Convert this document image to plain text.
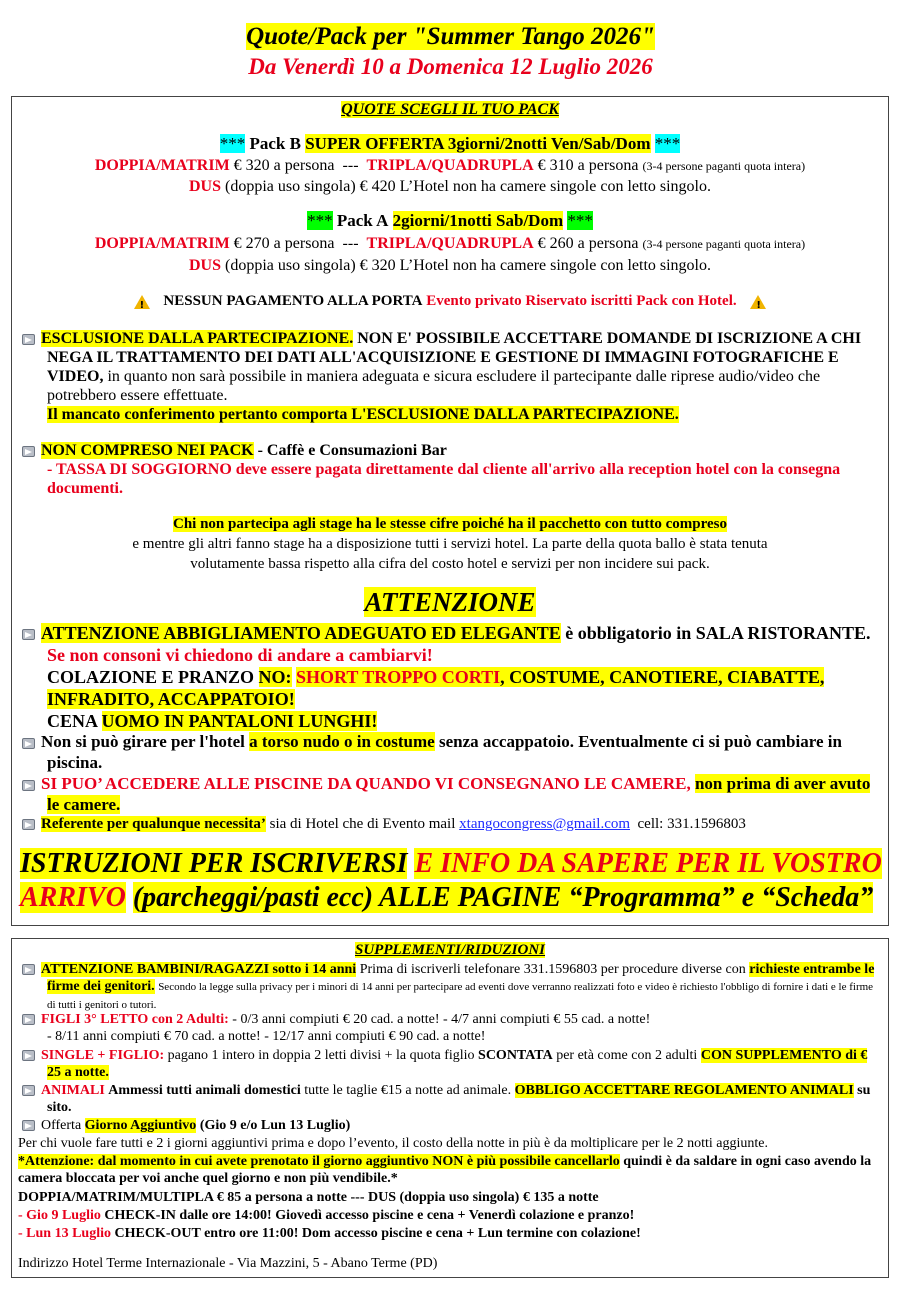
Quote/Pack per "Summer Tango 2026"
Da Venerdì 10 a Domenica 12 Luglio 2026
QUOTE SCEGLI IL TUO PACK
*** Pack B SUPER OFFERTA 3giorni/2notti Ven/Sab/Dom ***
DOPPIA/MATRIM € 320 a persona --- TRIPLA/QUADRUPLA € 310 a persona (3-4 persone paganti quota intera)
DUS (doppia uso singola) € 420 L’Hotel non ha camere singole con letto singolo.
*** Pack A 2giorni/1notti Sab/Dom ***
DOPPIA/MATRIM € 270 a persona --- TRIPLA/QUADRUPLA € 260 a persona (3-4 persone paganti quota intera)
DUS (doppia uso singola) € 320 L’Hotel non ha camere singole con letto singolo.
! NESSUN PAGAMENTO ALLA PORTA Evento privato Riservato iscritti Pack con Hotel. !
ESCLUSIONE DALLA PARTECIPAZIONE. NON E' POSSIBILE ACCETTARE DOMANDE DI ISCRIZIONE A CHI NEGA IL TRATTAMENTO DEI DATI ALL'ACQUISIZIONE E GESTIONE DI IMMAGINI FOTOGRAFICHE E VIDEO, in quanto non sarà possibile in maniera adeguata e sicura escludere il partecipante dalle riprese audio/video che potrebbero essere effettuate.
Il mancato conferimento pertanto comporta L'ESCLUSIONE DALLA PARTECIPAZIONE.
NON COMPRESO NEI PACK - Caffè e Consumazioni Bar
- TASSA DI SOGGIORNO deve essere pagata direttamente dal cliente all'arrivo alla reception hotel con la consegna documenti.
Chi non partecipa agli stage ha le stesse cifre poiché ha il pacchetto con tutto compreso
e mentre gli altri fanno stage ha a disposizione tutti i servizi hotel. La parte della quota ballo è stata tenuta
volutamente bassa rispetto alla cifra del costo hotel e servizi per non incidere sui pack.
ATTENZIONE
ATTENZIONE ABBIGLIAMENTO ADEGUATO ED ELEGANTE è obbligatorio in SALA RISTORANTE. Se non consoni vi chiedono di andare a cambiarvi!
COLAZIONE E PRANZO NO: SHORT TROPPO CORTI, COSTUME, CANOTIERE, CIABATTE, INFRADITO, ACCAPPATOIO!
CENA UOMO IN PANTALONI LUNGHI!
Non si può girare per l'hotel a torso nudo o in costume senza accappatoio. Eventualmente ci si può cambiare in piscina.
SI PUO’ ACCEDERE ALLE PISCINE DA QUANDO VI CONSEGNANO LE CAMERE, non prima di aver avuto le camere.
Referente per qualunque necessita’ sia di Hotel che di Evento mail xtangocongress@gmail.com cell: 331.1596803
ISTRUZIONI PER ISCRIVERSI E INFO DA SAPERE PER IL VOSTRO ARRIVO (parcheggi/pasti ecc) ALLE PAGINE “Programma” e “Scheda”
SUPPLEMENTI/RIDUZIONI
ATTENZIONE BAMBINI/RAGAZZI sotto i 14 anni Prima di iscriverli telefonare 331.1596803 per procedure diverse con richieste entrambe le firme dei genitori. Secondo la legge sulla privacy per i minori di 14 anni per partecipare ad eventi dove verranno realizzati foto e video è richiesto l'obbligo di fornire i dati e le firme di tutti i genitori o tutori.
FIGLI 3° LETTO con 2 Adulti: - 0/3 anni compiuti € 20 cad. a notte! - 4/7 anni compiuti € 55 cad. a notte!
- 8/11 anni compiuti € 70 cad. a notte! - 12/17 anni compiuti € 90 cad. a notte!
SINGLE + FIGLIO: pagano 1 intero in doppia 2 letti divisi + la quota figlio SCONTATA per età come con 2 adulti CON SUPPLEMENTO di € 25 a notte.
ANIMALI Ammessi tutti animali domestici tutte le taglie €15 a notte ad animale. OBBLIGO ACCETTARE REGOLAMENTO ANIMALI su sito.
Offerta Giorno Aggiuntivo (Gio 9 e/o Lun 13 Luglio)
Per chi vuole fare tutti e 2 i giorni aggiuntivi prima e dopo l’evento, il costo della notte in più è da moltiplicare per le 2 notti aggiunte.
*Attenzione: dal momento in cui avete prenotato il giorno aggiuntivo NON è più possibile cancellarlo quindi è da saldare in ogni caso avendo la camera bloccata per voi anche quel giorno e non più vendibile.*
DOPPIA/MATRIM/MULTIPLA € 85 a persona a notte --- DUS (doppia uso singola) € 135 a notte
- Gio 9 Luglio CHECK-IN dalle ore 14:00! Giovedì accesso piscine e cena + Venerdì colazione e pranzo!
- Lun 13 Luglio CHECK-OUT entro ore 11:00! Dom accesso piscine e cena + Lun termine con colazione!
Indirizzo Hotel Terme Internazionale - Via Mazzini, 5 - Abano Terme (PD)
